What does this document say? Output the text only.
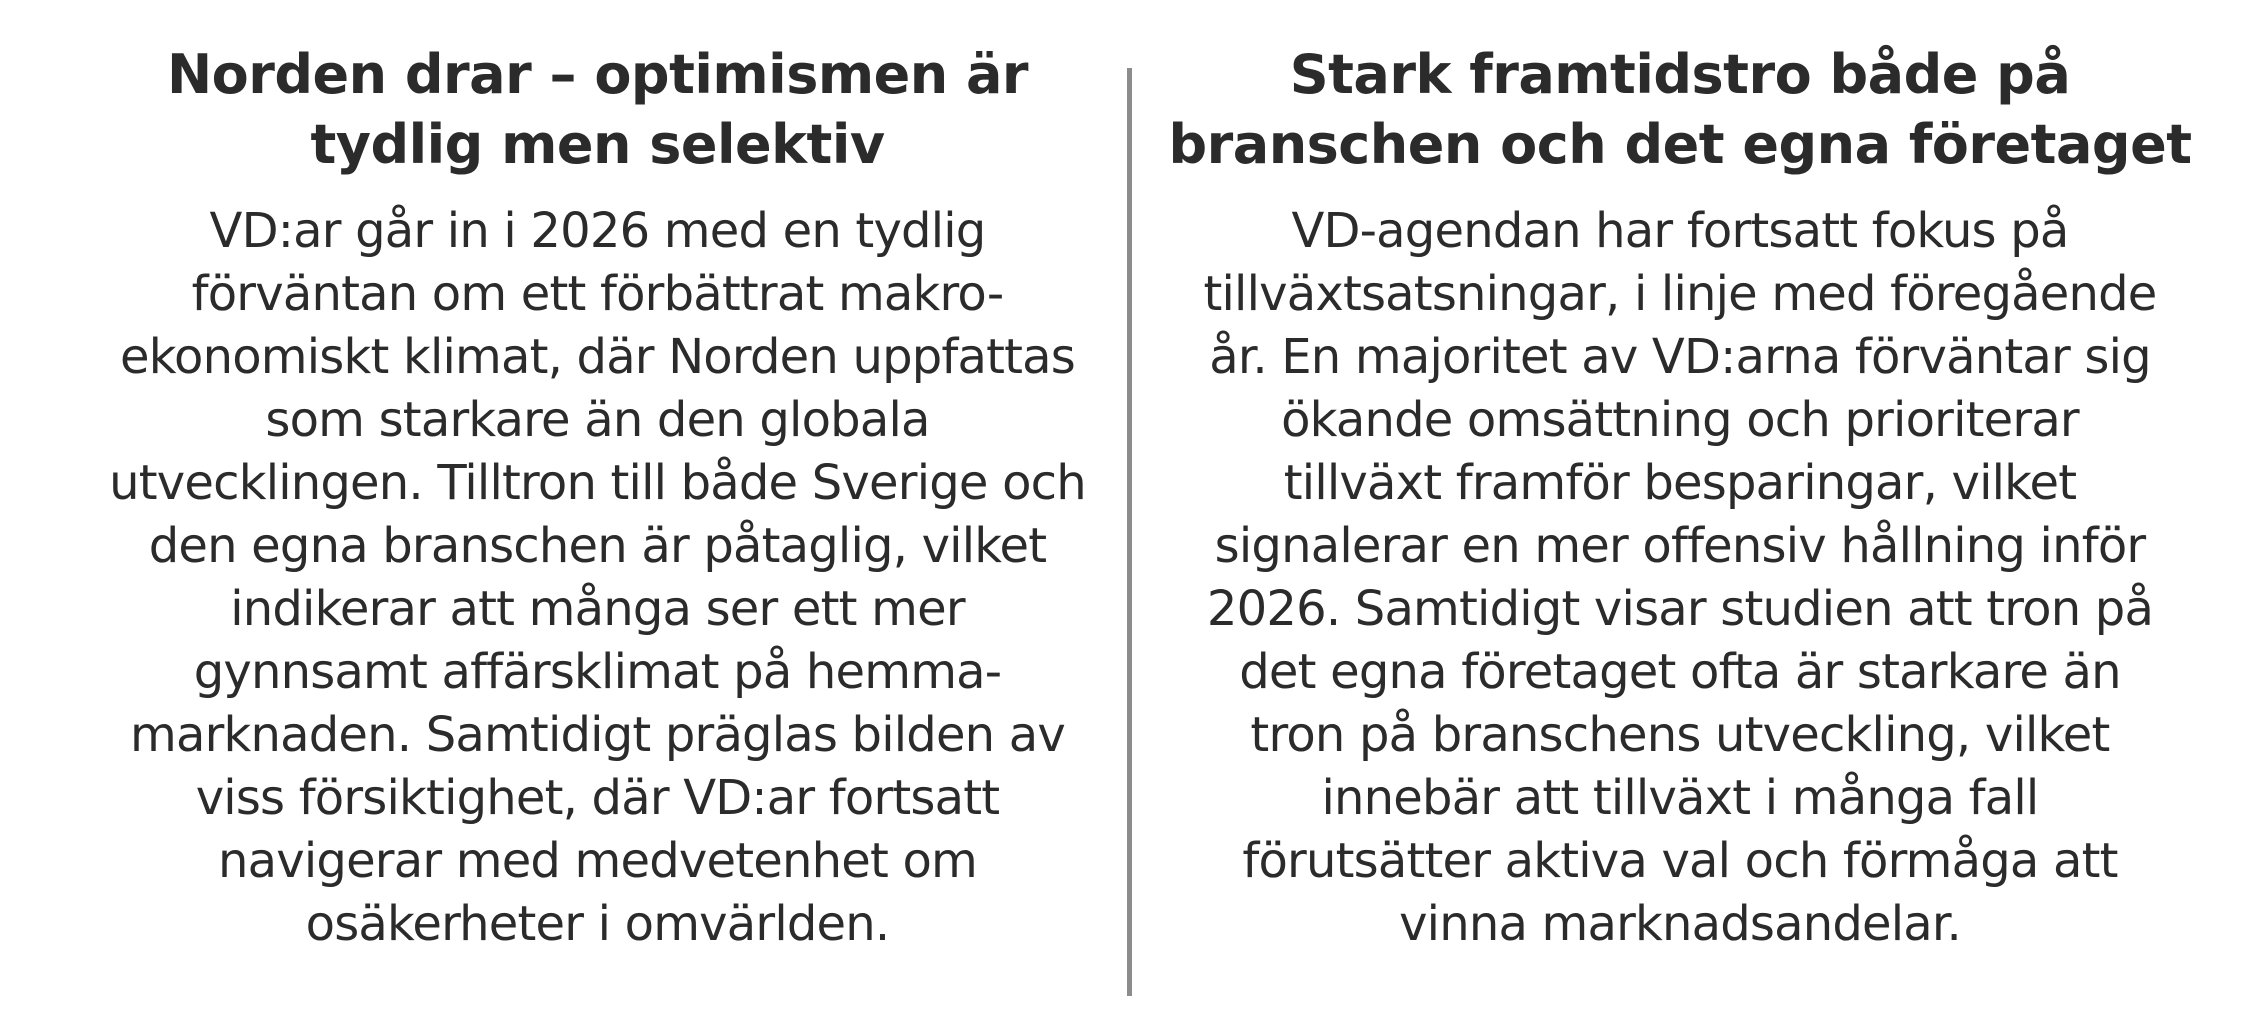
Norden drar – optimismen är
tydlig men selektiv

VD:ar går in i 2026 med en tydlig
förväntan om ett förbättrat makro-
ekonomiskt klimat, där Norden uppfattas
som starkare än den globala
utvecklingen. Tilltron till både Sverige och
den egna branschen är påtaglig, vilket
indikerar att många ser ett mer
gynnsamt affärsklimat på hemma-
marknaden. Samtidigt präglas bilden av
viss försiktighet, där VD:ar fortsatt
navigerar med medvetenhet om
osäkerheter i omvärlden.

Stark framtidstro både på
branschen och det egna företaget

VD-agendan har fortsatt fokus på
tillväxtsatsningar, i linje med föregående
år. En majoritet av VD:arna förväntar sig
ökande omsättning och prioriterar
tillväxt framför besparingar, vilket
signalerar en mer offensiv hållning inför
2026. Samtidigt visar studien att tron på
det egna företaget ofta är starkare än
tron på branschens utveckling, vilket
innebär att tillväxt i många fall
förutsätter aktiva val och förmåga att
vinna marknadsandelar.
